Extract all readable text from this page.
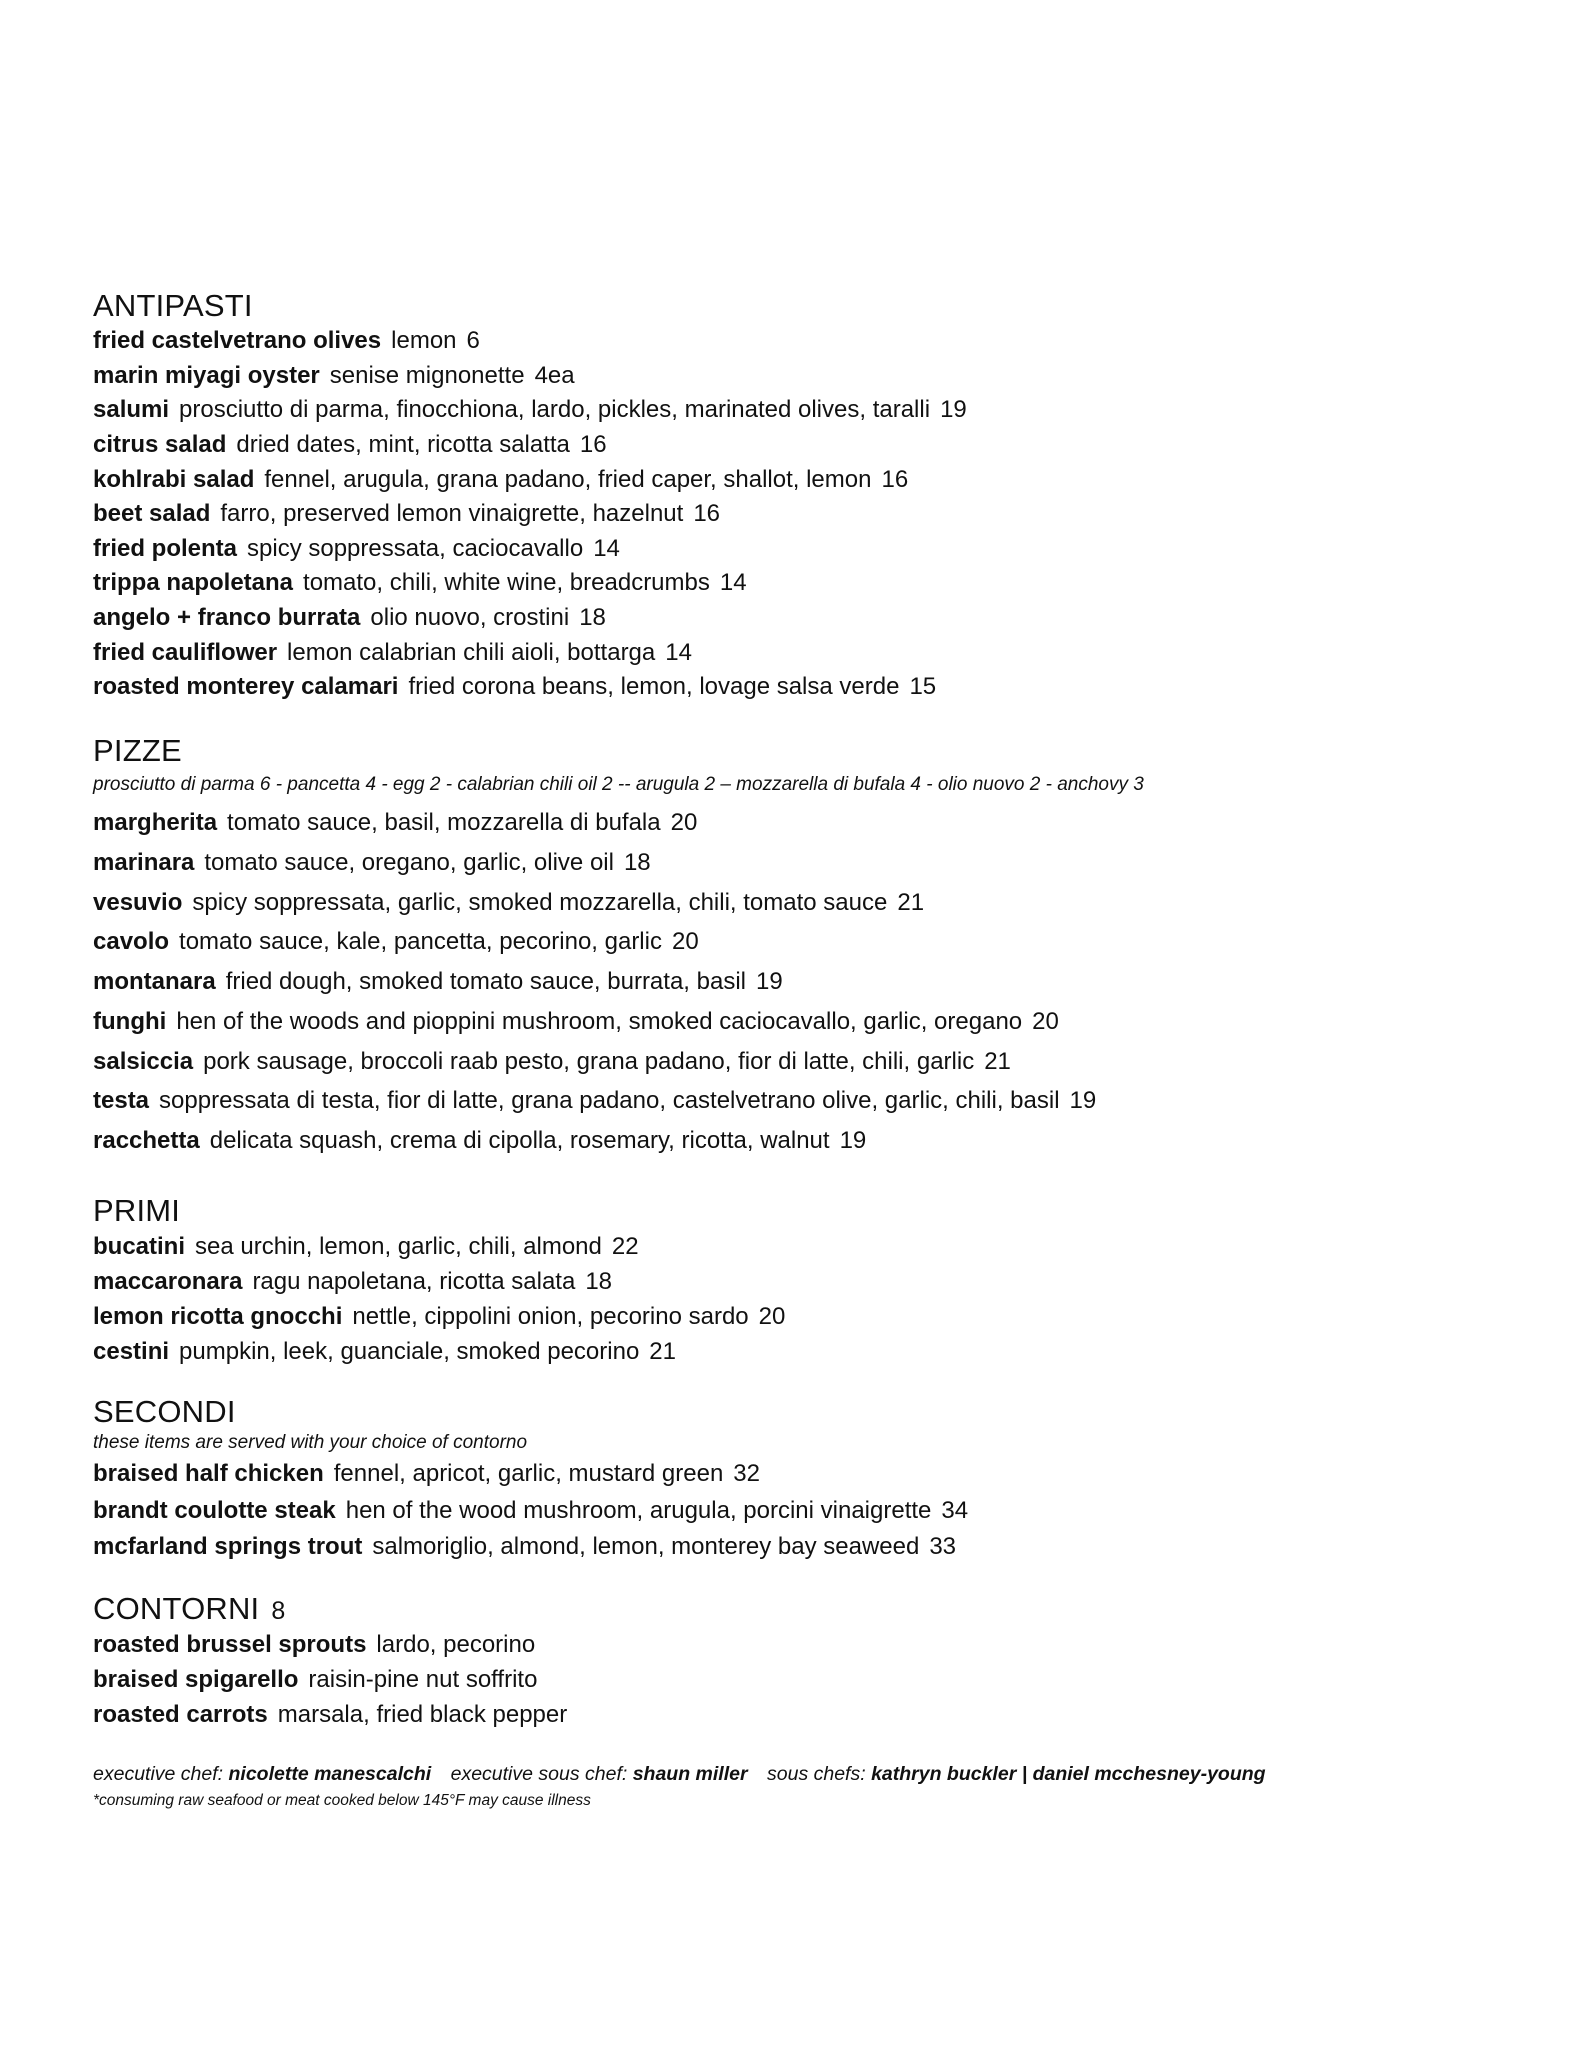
ANTIPASTI
fried castelvetrano olives lemon 6
marin miyagi oyster senise mignonette 4ea
salumi prosciutto di parma, finocchiona, lardo, pickles, marinated olives, taralli 19
citrus salad dried dates, mint, ricotta salatta 16
kohlrabi salad fennel, arugula, grana padano, fried caper, shallot, lemon 16
beet salad farro, preserved lemon vinaigrette, hazelnut 16
fried polenta spicy soppressata, caciocavallo 14
trippa napoletana tomato, chili, white wine, breadcrumbs 14
angelo + franco burrata olio nuovo, crostini 18
fried cauliflower lemon calabrian chili aioli, bottarga 14
roasted monterey calamari fried corona beans, lemon, lovage salsa verde 15
PIZZE
prosciutto di parma 6 - pancetta 4 - egg 2 - calabrian chili oil 2 -- arugula 2 – mozzarella di bufala 4 - olio nuovo 2 - anchovy 3
margherita tomato sauce, basil, mozzarella di bufala 20
marinara tomato sauce, oregano, garlic, olive oil 18
vesuvio spicy soppressata, garlic, smoked mozzarella, chili, tomato sauce 21
cavolo tomato sauce, kale, pancetta, pecorino, garlic 20
montanara fried dough, smoked tomato sauce, burrata, basil 19
funghi hen of the woods and pioppini mushroom, smoked caciocavallo, garlic, oregano 20
salsiccia pork sausage, broccoli raab pesto, grana padano, fior di latte, chili, garlic 21
testa soppressata di testa, fior di latte, grana padano, castelvetrano olive, garlic, chili, basil 19
racchetta delicata squash, crema di cipolla, rosemary, ricotta, walnut 19
PRIMI
bucatini sea urchin, lemon, garlic, chili, almond 22
maccaronara ragu napoletana, ricotta salata 18
lemon ricotta gnocchi nettle, cippolini onion, pecorino sardo 20
cestini pumpkin, leek, guanciale, smoked pecorino 21
SECONDI
these items are served with your choice of contorno
braised half chicken fennel, apricot, garlic, mustard green 32
brandt coulotte steak hen of the wood mushroom, arugula, porcini vinaigrette 34
mcfarland springs trout salmoriglio, almond, lemon, monterey bay seaweed 33
CONTORNI 8
roasted brussel sprouts lardo, pecorino
braised spigarello raisin-pine nut soffrito
roasted carrots marsala, fried black pepper
executive chef: nicolette manescalchi executive sous chef: shaun miller sous chefs: kathryn buckler | daniel mcchesney-young
*consuming raw seafood or meat cooked below 145°F may cause illness
